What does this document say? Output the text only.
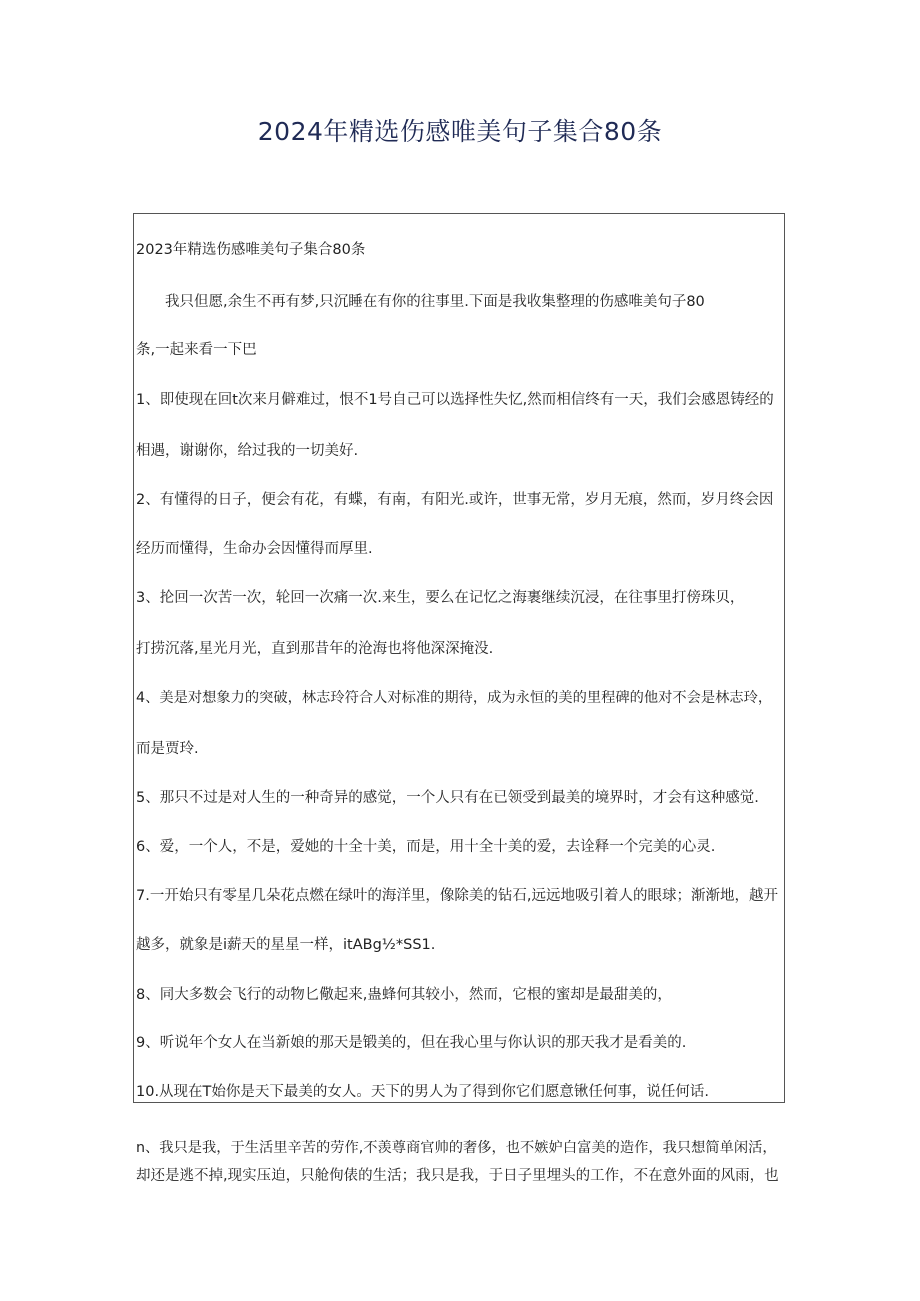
2024年精选伤感唯美句子集合80条
2023年精选伤感唯美句子集合80条
　　我只但愿,余生不再有梦,只沉睡在有你的往事里.下面是我收集整理的伤感唯美句子80
条,一起来看一下巴
1、即使现在回t次来月僻难过，恨不1号自己可以选择性失忆,然而相信终有一天，我们会感恩铸经的
相遇，谢谢你，给过我的一切美好.
2、有懂得的日子，便会有花，有蝶，有南，有阳光.或许，世事无常，岁月无痕，然而，岁月终会因
经历而懂得，生命办会因懂得而厚里.
3、抡回一次苦一次，轮回一次痛一次.来生，要么在记忆之海裹继续沉浸，在往事里打傍珠贝，
打捞沉落,星光月光，直到那昔年的沧海也将他深深掩没.
4、美是对想象力的突破，林志玲符合人对标准的期待，成为永恒的美的里程碑的他对不会是林志玲，
而是贾玲.
5、那只不过是对人生的一种奇异的感觉，一个人只有在已领受到最美的境界时，才会有这种感觉.
6、爱，一个人，不是，爱她的十全十美，而是，用十全十美的爱，去诠释一个完美的心灵.
7.一开始只有零星几朵花点燃在绿叶的海洋里，像除美的钻石,远远地吸引着人的眼球；渐渐地，越开
越多，就象是i薪天的星星一样，itABg½*SS1.
8、同大多数会飞行的动物匕儆起来,蛊蜂何其较小，然而，它根的蜜却是最甜美的，
9、听说年个女人在当新娘的那天是锻美的，但在我心里与你认识的那天我才是看美的.
10.从现在T始你是天下最美的女人。天下的男人为了得到你它们愿意锹任何事，说任何话.
n、我只是我，于生活里辛苦的劳作,不羡尊商官帅的奢侈，也不嫉妒白富美的造作，我只想简单闲活，
却还是逃不掉,现实压迫，只舱佝俵的生活；我只是我，于日子里埋头的工作，不在意外面的风雨，也
